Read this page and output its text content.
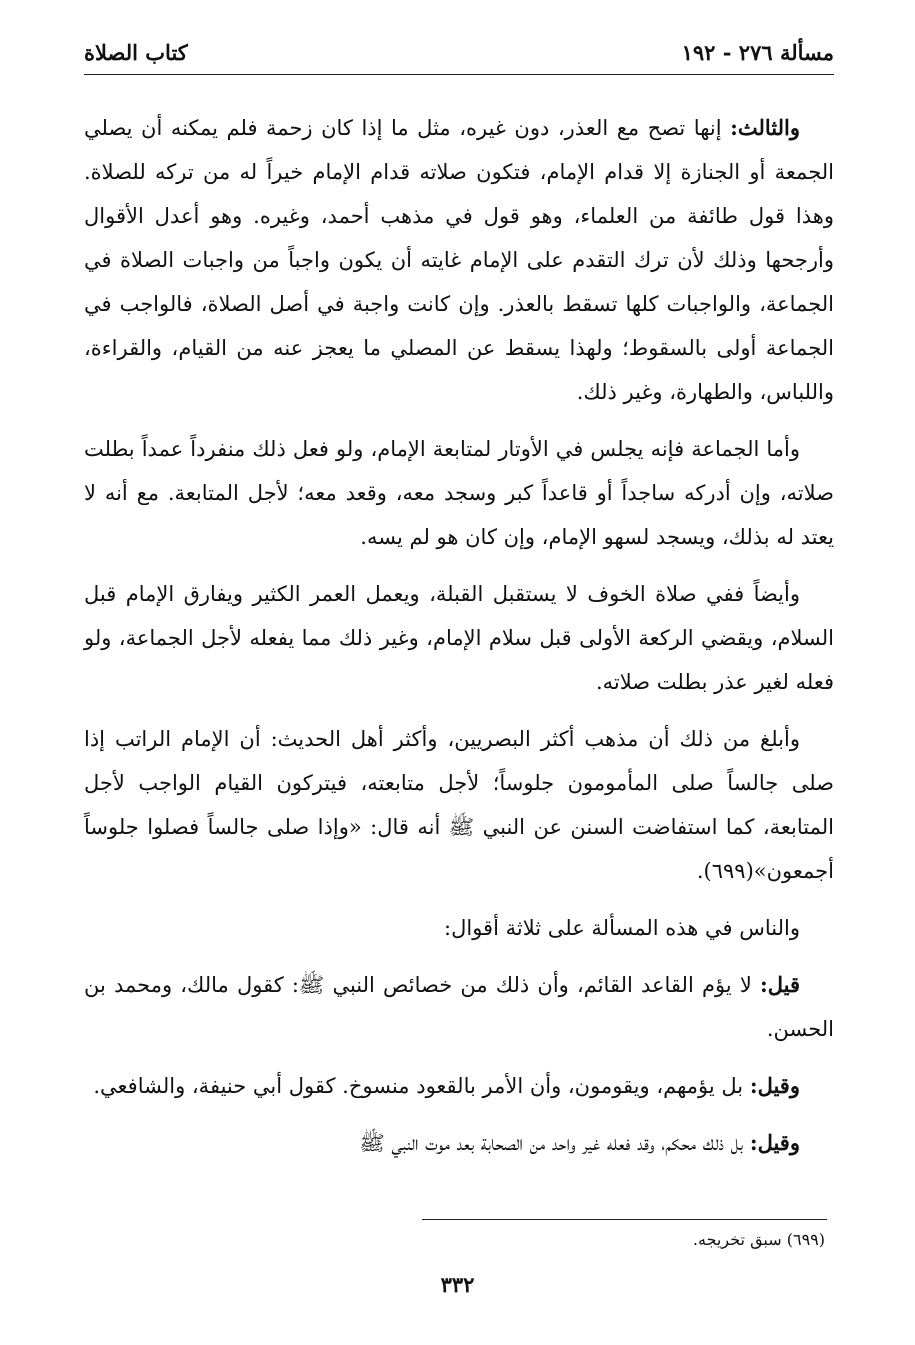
مسألة ٢٧٦ - ١٩٢
كتاب الصلاة

والثالث: إنها تصح مع العذر، دون غيره، مثل ما إذا كان زحمة فلم يمكنه أن يصلي الجمعة أو الجنازة إلا قدام الإمام، فتكون صلاته قدام الإمام خيراً له من تركه للصلاة. وهذا قول طائفة من العلماء، وهو قول في مذهب أحمد، وغيره. وهو أعدل الأقوال وأرجحها وذلك لأن ترك التقدم على الإمام غايته أن يكون واجباً من واجبات الصلاة في الجماعة، والواجبات كلها تسقط بالعذر. وإن كانت واجبة في أصل الصلاة، فالواجب في الجماعة أولى بالسقوط؛ ولهذا يسقط عن المصلي ما يعجز عنه من القيام، والقراءة، واللباس، والطهارة، وغير ذلك.

وأما الجماعة فإنه يجلس في الأوتار لمتابعة الإمام، ولو فعل ذلك منفرداً عمداً بطلت صلاته، وإن أدركه ساجداً أو قاعداً كبر وسجد معه، وقعد معه؛ لأجل المتابعة. مع أنه لا يعتد له بذلك، ويسجد لسهو الإمام، وإن كان هو لم يسه.

وأيضاً ففي صلاة الخوف لا يستقبل القبلة، ويعمل العمر الكثير ويفارق الإمام قبل السلام، ويقضي الركعة الأولى قبل سلام الإمام، وغير ذلك مما يفعله لأجل الجماعة، ولو فعله لغير عذر بطلت صلاته.

وأبلغ من ذلك أن مذهب أكثر البصريين، وأكثر أهل الحديث: أن الإمام الراتب إذا صلى جالساً صلى المأمومون جلوساً؛ لأجل متابعته، فيتركون القيام الواجب لأجل المتابعة، كما استفاضت السنن عن النبي ﷺ أنه قال: «وإذا صلى جالساً فصلوا جلوساً أجمعون»(٦٩٩).

والناس في هذه المسألة على ثلاثة أقوال:

قيل: لا يؤم القاعد القائم، وأن ذلك من خصائص النبي ﷺ: كقول مالك، ومحمد بن الحسن.

وقيل: بل يؤمهم، ويقومون، وأن الأمر بالقعود منسوخ. كقول أبي حنيفة، والشافعي.

وقيل: بل ذلك محكم، وقد فعله غير واحد من الصحابة بعد موت النبي ﷺ

(٦٩٩) سبق تخريجه.
٣٣٢
